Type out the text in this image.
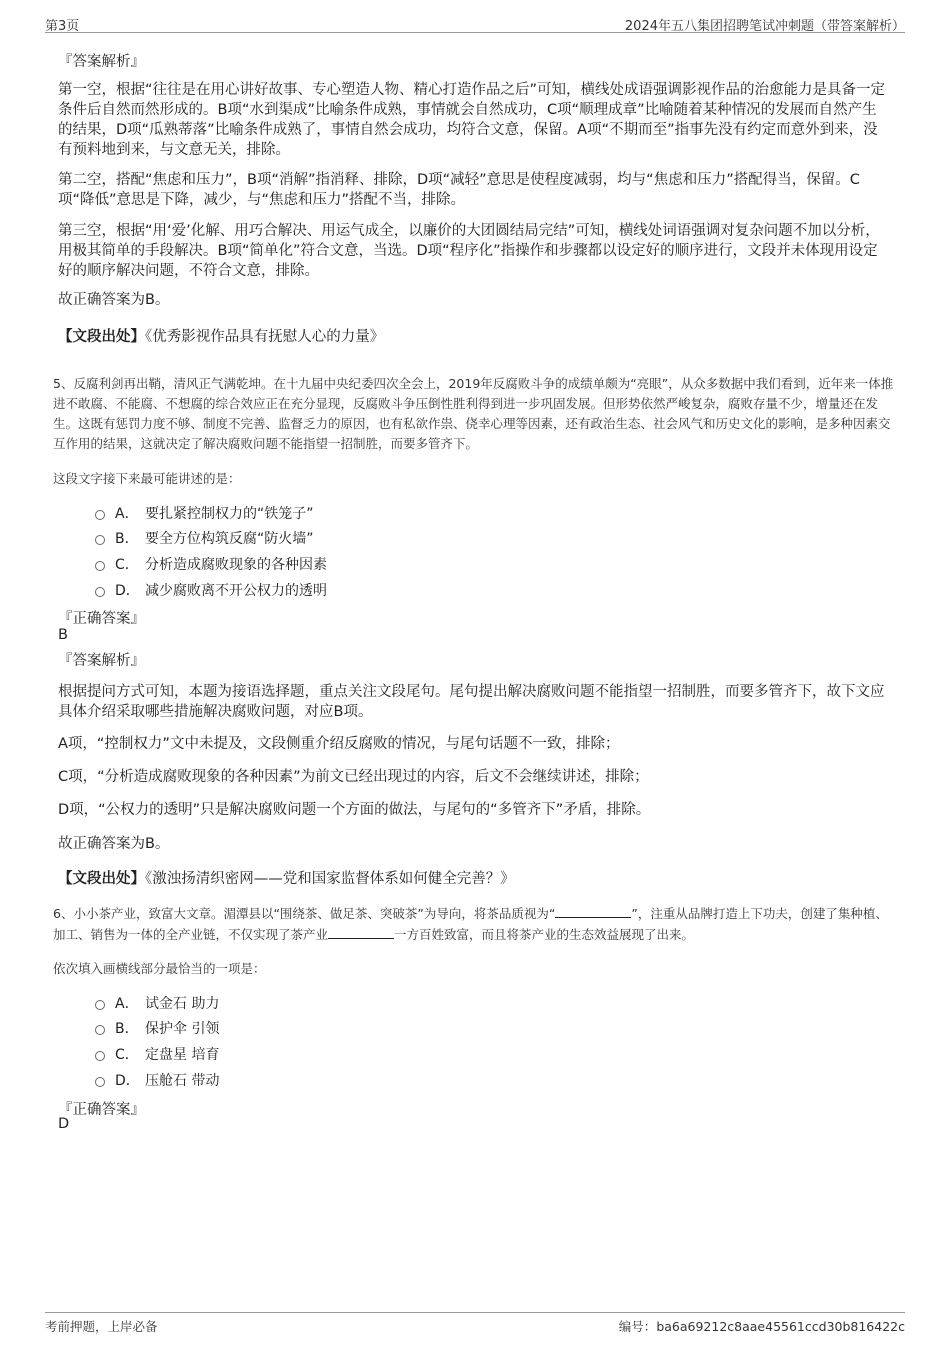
第3页	2024年五八集团招聘笔试冲刺题（带答案解析）
『答案解析』

第一空，根据“往往是在用心讲好故事、专心塑造人物、精心打造作品之后”可知，横线处成语强调影视作品的治愈能力是具备一定条件后自然而然形成的。B项“水到渠成”比喻条件成熟，事情就会自然成功，C项“顺理成章”比喻随着某种情况的发展而自然产生的结果，D项“瓜熟蒂落”比喻条件成熟了，事情自然会成功，均符合文意，保留。A项“不期而至”指事先没有约定而意外到来，没有预料地到来，与文意无关，排除。

第二空，搭配“焦虑和压力”，B项“消解”指消释、排除，D项“减轻”意思是使程度减弱，均与“焦虑和压力”搭配得当，保留。C项“降低”意思是下降，减少，与“焦虑和压力”搭配不当，排除。

第三空，根据“用‘爱’化解、用巧合解决、用运气成全，以廉价的大团圆结局完结”可知，横线处词语强调对复杂问题不加以分析，用极其简单的手段解决。B项“简单化”符合文意，当选。D项“程序化”指操作和步骤都以设定好的顺序进行，文段并未体现用设定好的顺序解决问题，不符合文意，排除。

故正确答案为B。
【文段出处】《优秀影视作品具有抚慰人心的力量》

5、反腐利剑再出鞘，清风正气满乾坤。在十九届中央纪委四次全会上，2019年反腐败斗争的成绩单颇为“亮眼”，从众多数据中我们看到，近年来一体推进不敢腐、不能腐、不想腐的综合效应正在充分显现，反腐败斗争压倒性胜利得到进一步巩固发展。但形势依然严峻复杂，腐败存量不少，增量还在发生。这既有惩罚力度不够、制度不完善、监督乏力的原因，也有私欲作祟、侥幸心理等因素，还有政治生态、社会风气和历史文化的影响，是多种因素交互作用的结果，这就决定了解决腐败问题不能指望一招制胜，而要多管齐下。

这段文字接下来最可能讲述的是：
A． 要扎紧控制权力的“铁笼子”
B． 要全方位构筑反腐“防火墙”
C． 分析造成腐败现象的各种因素
D． 减少腐败离不开公权力的透明
『正确答案』
B
『答案解析』

根据提问方式可知，本题为接语选择题，重点关注文段尾句。尾句提出解决腐败问题不能指望一招制胜，而要多管齐下，故下文应具体介绍采取哪些措施解决腐败问题，对应B项。

A项，“控制权力”文中未提及，文段侧重介绍反腐败的情况，与尾句话题不一致，排除；
C项，“分析造成腐败现象的各种因素”为前文已经出现过的内容，后文不会继续讲述，排除；
D项，“公权力的透明”只是解决腐败问题一个方面的做法，与尾句的“多管齐下”矛盾，排除。
故正确答案为B。
【文段出处】《激浊扬清织密网——党和国家监督体系如何健全完善？》

6、小小茶产业，致富大文章。湄潭县以“围绕茶、做足茶、突破茶”为导向，将茶品质视为“	”，注重从品牌打造上下功夫，创建了集种植、加工、销售为一体的全产业链，不仅实现了茶产业	一方百姓致富，而且将茶产业的生态效益展现了出来。

依次填入画横线部分最恰当的一项是：
A． 试金石 助力
B． 保护伞 引领
C． 定盘星 培育
D． 压舱石 带动
『正确答案』
D
考前押题，上岸必备	编号：ba6a69212c8aae45561ccd30b816422c
